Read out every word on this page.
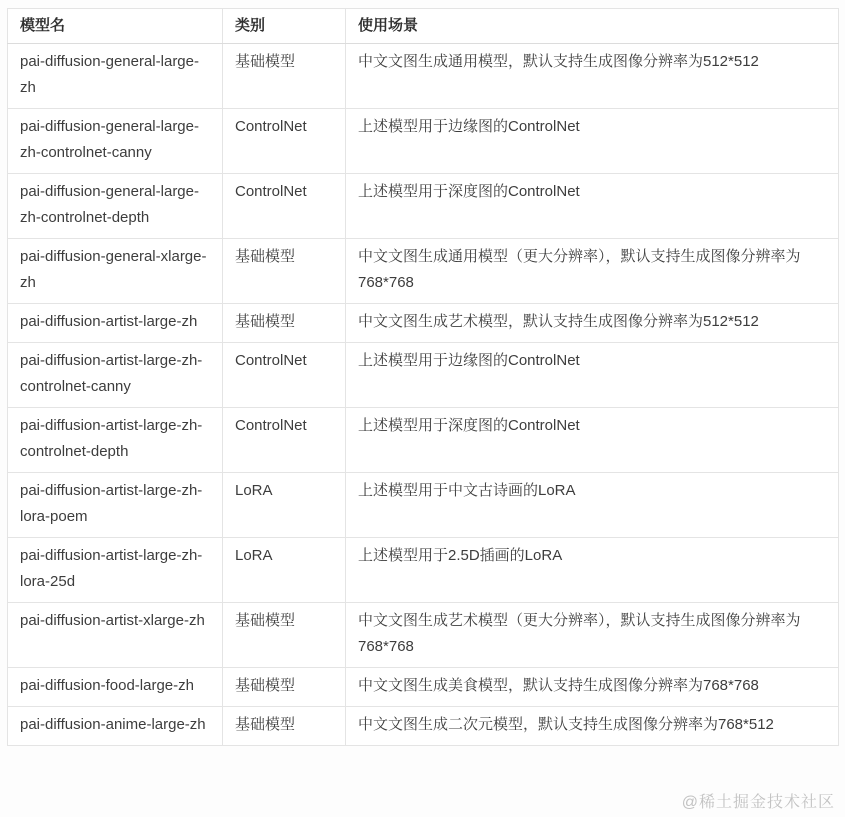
模型名	类别	使用场景
pai-diffusion-general-large-zh	基础模型	中文文图生成通用模型，默认支持生成图像分辨率为512*512
pai-diffusion-general-large-zh-controlnet-canny	ControlNet	上述模型用于边缘图的ControlNet
pai-diffusion-general-large-zh-controlnet-depth	ControlNet	上述模型用于深度图的ControlNet
pai-diffusion-general-xlarge-zh	基础模型	中文文图生成通用模型（更大分辨率），默认支持生成图像分辨率为768*768
pai-diffusion-artist-large-zh	基础模型	中文文图生成艺术模型，默认支持生成图像分辨率为512*512
pai-diffusion-artist-large-zh-controlnet-canny	ControlNet	上述模型用于边缘图的ControlNet
pai-diffusion-artist-large-zh-controlnet-depth	ControlNet	上述模型用于深度图的ControlNet
pai-diffusion-artist-large-zh-lora-poem	LoRA	上述模型用于中文古诗画的LoRA
pai-diffusion-artist-large-zh-lora-25d	LoRA	上述模型用于2.5D插画的LoRA
pai-diffusion-artist-xlarge-zh	基础模型	中文文图生成艺术模型（更大分辨率），默认支持生成图像分辨率为768*768
pai-diffusion-food-large-zh	基础模型	中文文图生成美食模型，默认支持生成图像分辨率为768*768
pai-diffusion-anime-large-zh	基础模型	中文文图生成二次元模型，默认支持生成图像分辨率为768*512
@稀土掘金技术社区
